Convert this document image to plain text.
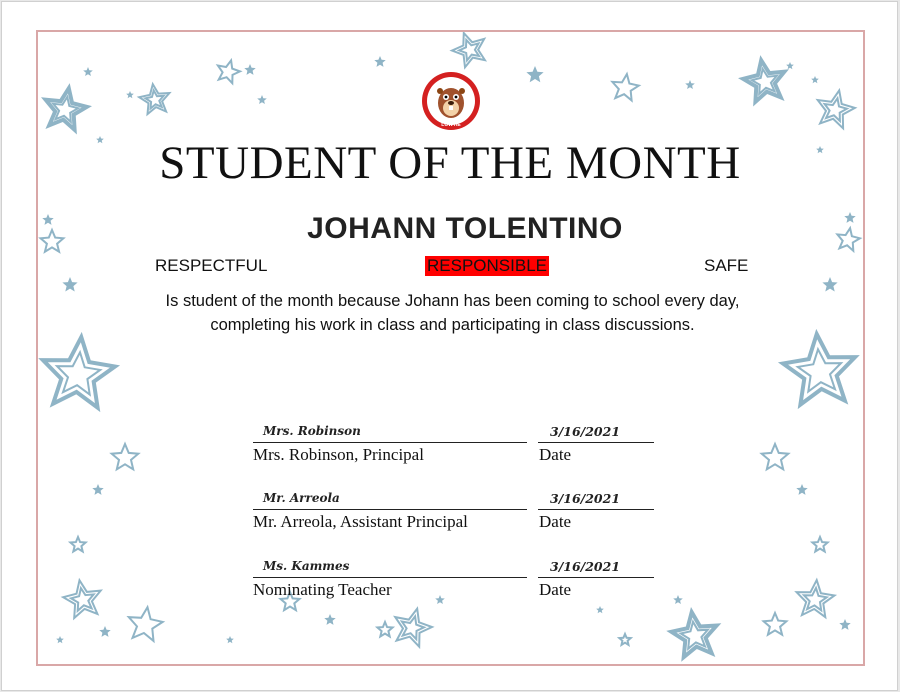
LOWTIE
STUDENT OF THE MONTH
JOHANN TOLENTINO
RESPECTFUL	RESPONSIBLE	SAFE
Is student of the month because Johann has been coming to school every day, completing his work in class and participating in class discussions.
Mrs. Robinson	3/16/2021
Mrs. Robinson, Principal	Date
Mr. Arreola	3/16/2021
Mr. Arreola, Assistant Principal	Date
Ms. Kammes	3/16/2021
Nominating Teacher	Date
